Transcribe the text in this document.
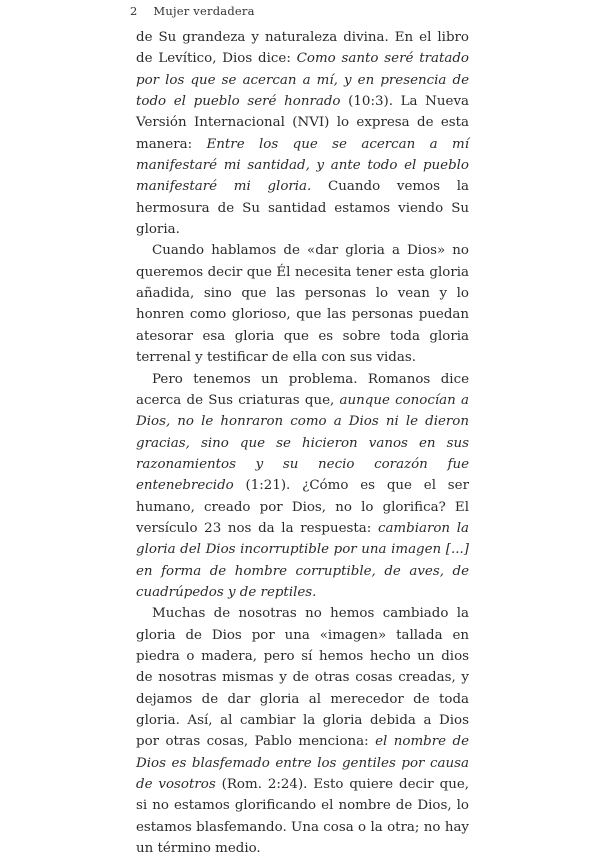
2 Mujer verdadera

de Su grandeza y naturaleza divina. En el libro de Levítico, Dios dice: Como santo seré tratado por los que se acercan a mí, y en presencia de todo el pueblo seré honrado (10:3). La Nueva Versión Internacional (NVI) lo expresa de esta manera: Entre los que se acercan a mí manifestaré mi santidad, y ante todo el pueblo manifestaré mi gloria. Cuando vemos la hermosura de Su santidad estamos viendo Su gloria.

Cuando hablamos de «dar gloria a Dios» no queremos decir que Él necesita tener esta gloria añadida, sino que las personas lo vean y lo honren como glorioso, que las personas puedan atesorar esa gloria que es sobre toda gloria terrenal y testificar de ella con sus vidas.

Pero tenemos un problema. Romanos dice acerca de Sus criaturas que, aunque conocían a Dios, no le honraron como a Dios ni le dieron gracias, sino que se hicieron vanos en sus razonamientos y su necio corazón fue entenebrecido (1:21). ¿Cómo es que el ser humano, creado por Dios, no lo glorifica? El versículo 23 nos da la respuesta: cambiaron la gloria del Dios incorruptible por una imagen [...] en forma de hombre corruptible, de aves, de cuadrúpedos y de reptiles.

Muchas de nosotras no hemos cambiado la gloria de Dios por una «imagen» tallada en piedra o madera, pero sí hemos hecho un dios de nosotras mismas y de otras cosas creadas, y dejamos de dar gloria al merecedor de toda gloria. Así, al cambiar la gloria debida a Dios por otras cosas, Pablo menciona: el nombre de Dios es blasfemado entre los gentiles por causa de vosotros (Rom. 2:24). Esto quiere decir que, si no estamos glorificando el nombre de Dios, lo estamos blasfemando. Una cosa o la otra; no hay un término medio.
